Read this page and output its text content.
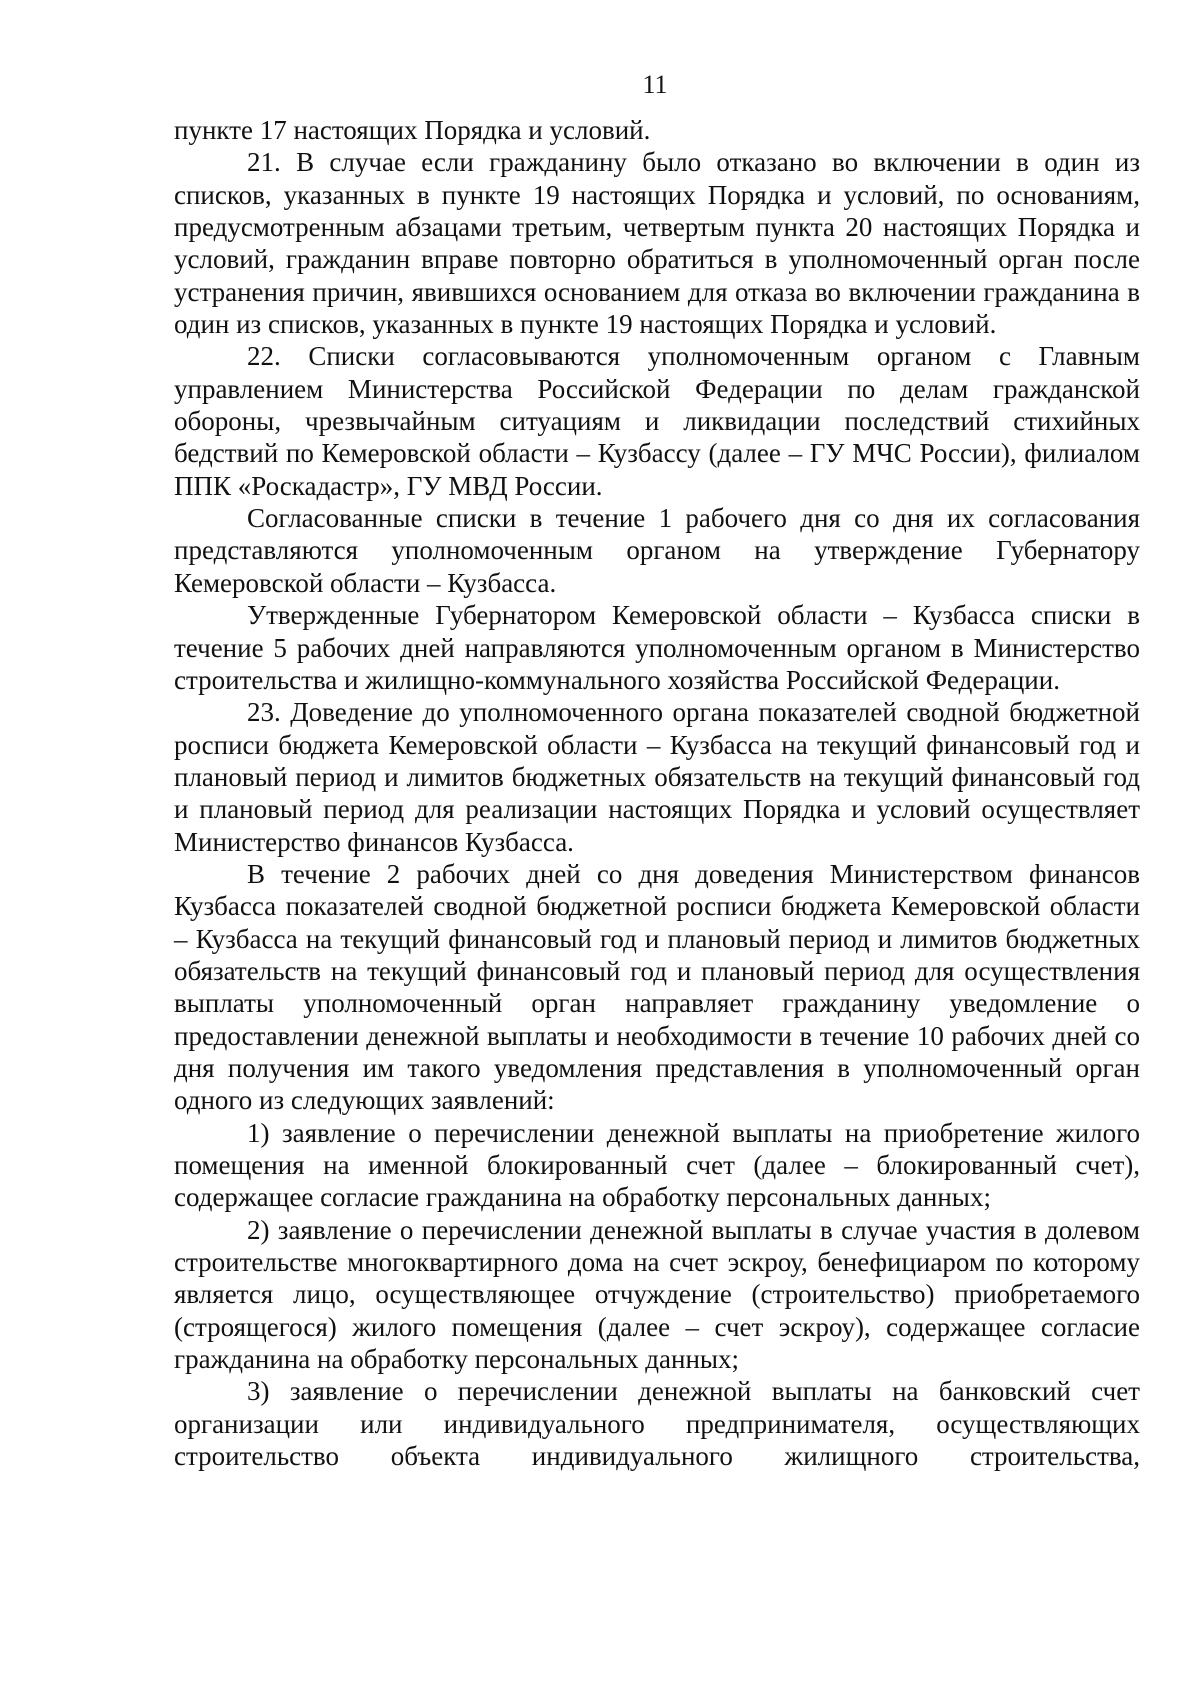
11

пункте 17 настоящих Порядка и условий.

21. В случае если гражданину было отказано во включении в один из списков, указанных в пункте 19 настоящих Порядка и условий, по основаниям, предусмотренным абзацами третьим, четвертым пункта 20 настоящих Порядка и условий, гражданин вправе повторно обратиться в уполномоченный орган после устранения причин, явившихся основанием для отказа во включении гражданина в один из списков, указанных в пункте 19 настоящих Порядка и условий.

22. Списки согласовываются уполномоченным органом с Главным управлением Министерства Российской Федерации по делам гражданской обороны, чрезвычайным ситуациям и ликвидации последствий стихийных бедствий по Кемеровской области – Кузбассу (далее – ГУ МЧС России), филиалом ППК «Роскадастр», ГУ МВД России.

Согласованные списки в течение 1 рабочего дня со дня их согласования представляются уполномоченным органом на утверждение Губернатору Кемеровской области – Кузбасса.

Утвержденные Губернатором Кемеровской области – Кузбасса списки в течение 5 рабочих дней направляются уполномоченным органом в Министерство строительства и жилищно-коммунального хозяйства Российской Федерации.

23. Доведение до уполномоченного органа показателей сводной бюджетной росписи бюджета Кемеровской области – Кузбасса на текущий финансовый год и плановый период и лимитов бюджетных обязательств на текущий финансовый год и плановый период для реализации настоящих Порядка и условий осуществляет Министерство финансов Кузбасса.

В течение 2 рабочих дней со дня доведения Министерством финансов Кузбасса показателей сводной бюджетной росписи бюджета Кемеровской области – Кузбасса на текущий финансовый год и плановый период и лимитов бюджетных обязательств на текущий финансовый год и плановый период для осуществления выплаты уполномоченный орган направляет гражданину уведомление о предоставлении денежной выплаты и необходимости в течение 10 рабочих дней со дня получения им такого уведомления представления в уполномоченный орган одного из следующих заявлений:

1) заявление о перечислении денежной выплаты на приобретение жилого помещения на именной блокированный счет (далее – блокированный счет), содержащее согласие гражданина на обработку персональных данных;

2) заявление о перечислении денежной выплаты в случае участия в долевом строительстве многоквартирного дома на счет эскроу, бенефициаром по которому является лицо, осуществляющее отчуждение (строительство) приобретаемого (строящегося) жилого помещения (далее – счет эскроу), содержащее согласие гражданина на обработку персональных данных;

3) заявление о перечислении денежной выплаты на банковский счет организации или индивидуального предпринимателя, осуществляющих строительство объекта индивидуального жилищного строительства,
